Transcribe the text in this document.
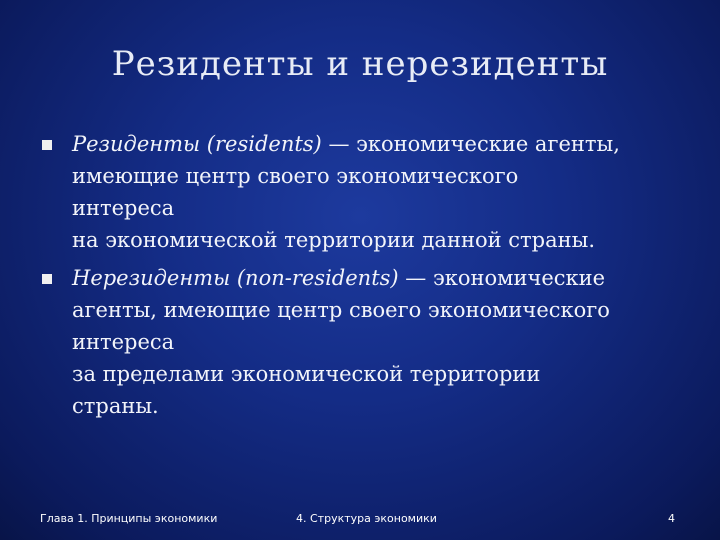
Резиденты и нерезиденты
Резиденты (residents) — экономические агенты,
имеющие центр своего экономического
интереса
на экономической территории данной страны.
Нерезиденты (non-residents) — экономические
агенты, имеющие центр своего экономического
интереса
за пределами экономической территории
страны.
Глава 1. Принципы экономики	4. Структура экономики	4
